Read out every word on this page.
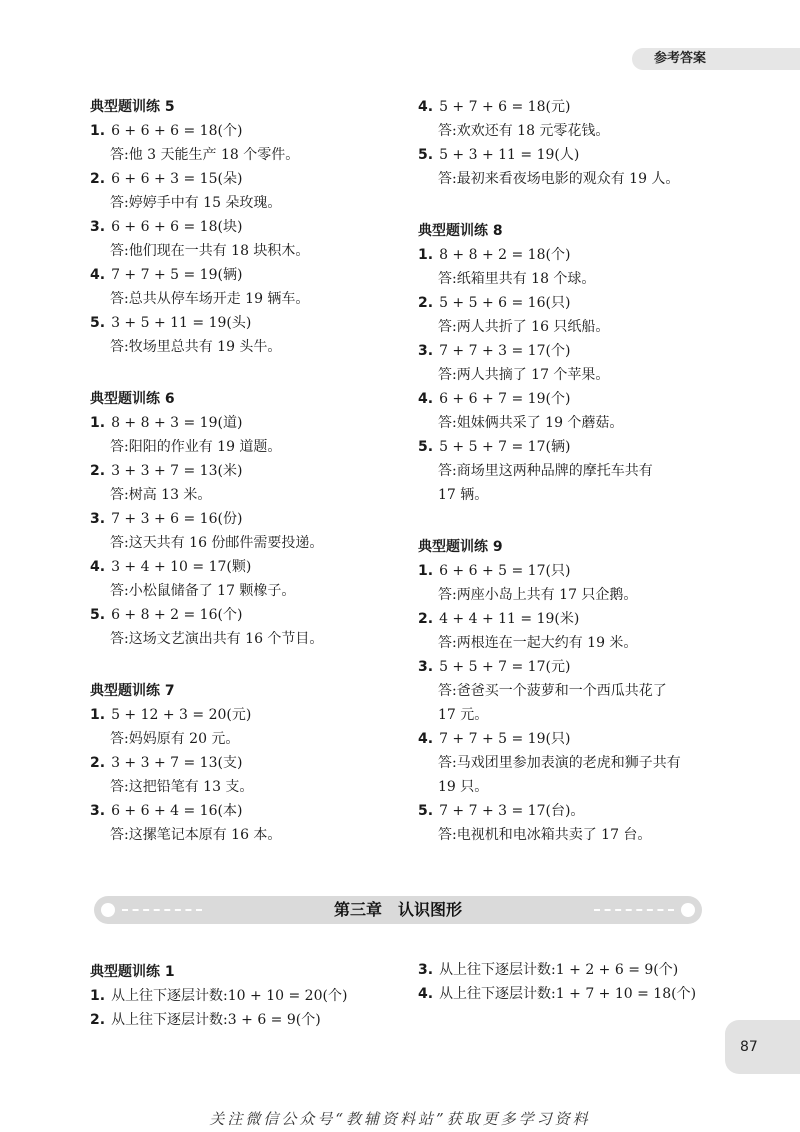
参考答案
典型题训练 5
1. 6 + 6 + 6 = 18(个)
答:他 3 天能生产 18 个零件。
2. 6 + 6 + 3 = 15(朵)
答:婷婷手中有 15 朵玫瑰。
3. 6 + 6 + 6 = 18(块)
答:他们现在一共有 18 块积木。
4. 7 + 7 + 5 = 19(辆)
答:总共从停车场开走 19 辆车。
5. 3 + 5 + 11 = 19(头)
答:牧场里总共有 19 头牛。
典型题训练 6
1. 8 + 8 + 3 = 19(道)
答:阳阳的作业有 19 道题。
2. 3 + 3 + 7 = 13(米)
答:树高 13 米。
3. 7 + 3 + 6 = 16(份)
答:这天共有 16 份邮件需要投递。
4. 3 + 4 + 10 = 17(颗)
答:小松鼠储备了 17 颗橡子。
5. 6 + 8 + 2 = 16(个)
答:这场文艺演出共有 16 个节目。
典型题训练 7
1. 5 + 12 + 3 = 20(元)
答:妈妈原有 20 元。
2. 3 + 3 + 7 = 13(支)
答:这把铅笔有 13 支。
3. 6 + 6 + 4 = 16(本)
答:这摞笔记本原有 16 本。
4. 5 + 7 + 6 = 18(元)
答:欢欢还有 18 元零花钱。
5. 5 + 3 + 11 = 19(人)
答:最初来看夜场电影的观众有 19 人。
典型题训练 8
1. 8 + 8 + 2 = 18(个)
答:纸箱里共有 18 个球。
2. 5 + 5 + 6 = 16(只)
答:两人共折了 16 只纸船。
3. 7 + 7 + 3 = 17(个)
答:两人共摘了 17 个苹果。
4. 6 + 6 + 7 = 19(个)
答:姐妹俩共采了 19 个蘑菇。
5. 5 + 5 + 7 = 17(辆)
答:商场里这两种品牌的摩托车共有
17 辆。
典型题训练 9
1. 6 + 6 + 5 = 17(只)
答:两座小岛上共有 17 只企鹅。
2. 4 + 4 + 11 = 19(米)
答:两根连在一起大约有 19 米。
3. 5 + 5 + 7 = 17(元)
答:爸爸买一个菠萝和一个西瓜共花了
17 元。
4. 7 + 7 + 5 = 19(只)
答:马戏团里参加表演的老虎和狮子共有
19 只。
5. 7 + 7 + 3 = 17(台)。
答:电视机和电冰箱共卖了 17 台。
第三章　认识图形
典型题训练 1
1. 从上往下逐层计数:10 + 10 = 20(个)
2. 从上往下逐层计数:3 + 6 = 9(个)
3. 从上往下逐层计数:1 + 2 + 6 = 9(个)
4. 从上往下逐层计数:1 + 7 + 10 = 18(个)
87
关注微信公众号“教辅资料站”获取更多学习资料
